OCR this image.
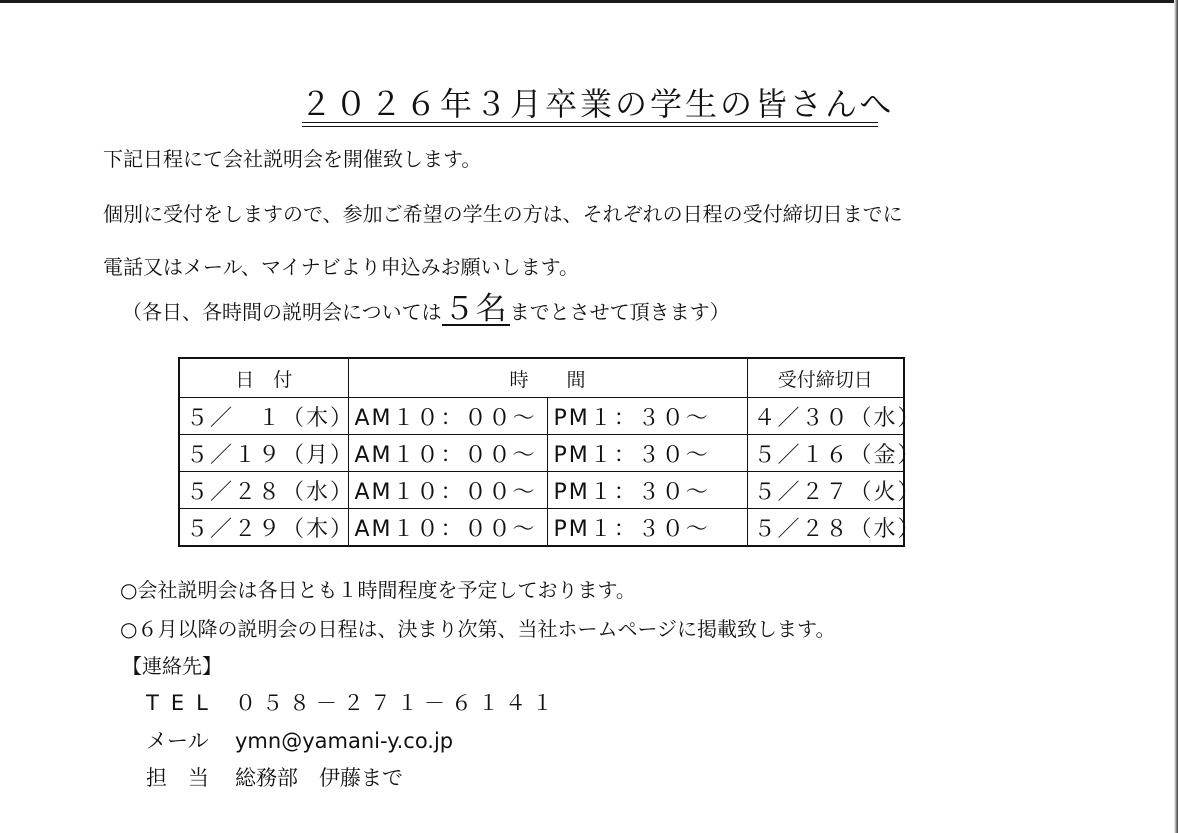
２０２６年３月卒業の学生の皆さんへ
下記日程にて会社説明会を開催致します。
個別に受付をしますので、参加ご希望の学生の方は、それぞれの日程の受付締切日までに
電話又はメール、マイナビより申込みお願いします。
（各日、各時間の説明会については５名 までとさせて頂きます）
日　付	時　　間		受付締切日
５／　１（木）	AM１０：００～	PM１：３０～	４／３０（水）
５／１９（月）	AM１０：００～	PM１：３０～	５／１６（金）
５／２８（水）	AM１０：００～	PM１：３０～	５／２７（火）
５／２９（木）	AM１０：００～	PM１：３０～	５／２８（水）
○会社説明会は各日とも１時間程度を予定しております。
○６月以降の説明会の日程は、決まり次第、当社ホームページに掲載致します。
【連絡先】
TEL ０５８－２７１－６１４１
メール ymn@yamani-y.co.jp
担　当 総務部　伊藤まで
